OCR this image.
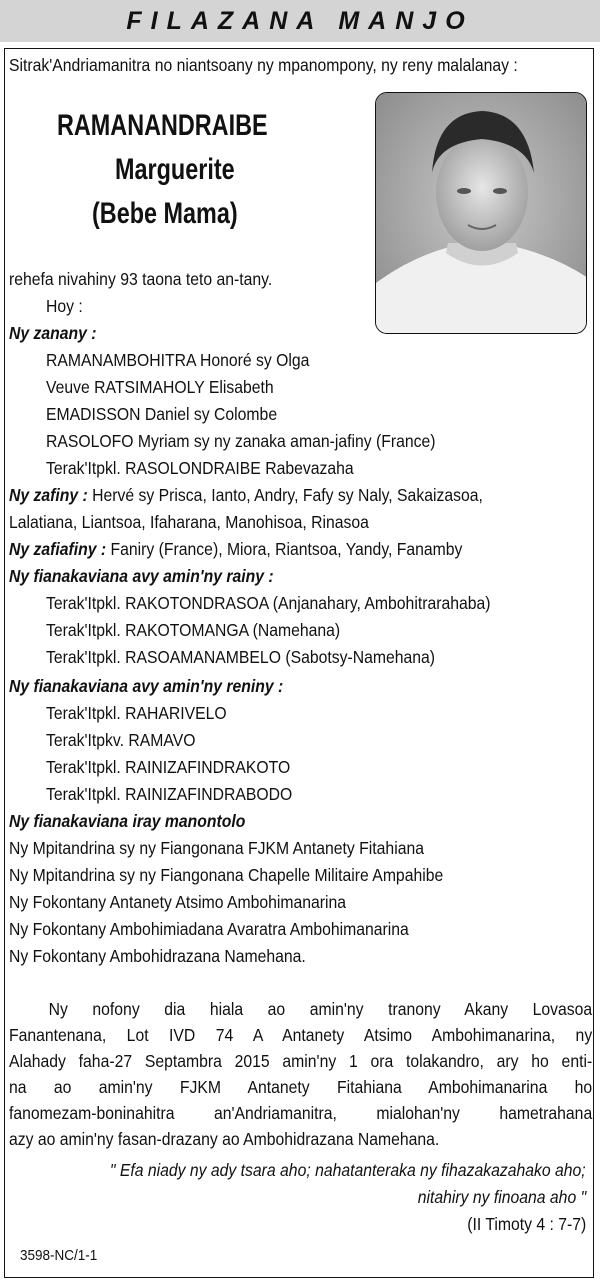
FILAZANA MANJO
Sitrak'Andriamanitra no niantsoany ny mpanompony, ny reny malalanay :
RAMANANDRAIBE
Marguerite
(Bebe Mama)
rehefa nivahiny 93 taona teto an-tany.
Hoy :
Ny zanany :
RAMANAMBOHITRA Honoré sy Olga
Veuve RATSIMAHOLY Elisabeth
EMADISSON Daniel sy Colombe
RASOLOFO Myriam sy ny zanaka aman-jafiny (France)
Terak'Itpkl. RASOLONDRAIBE Rabevazaha
Ny zafiny : Hervé sy Prisca, Ianto, Andry, Fafy sy Naly, Sakaizasoa,
Lalatiana, Liantsoa, Ifaharana, Manohisoa, Rinasoa
Ny zafiafiny : Faniry (France), Miora, Riantsoa, Yandy, Fanamby
Ny fianakaviana avy amin'ny rainy :
Terak'Itpkl. RAKOTONDRASOA (Anjanahary, Ambohitrarahaba)
Terak'Itpkl. RAKOTOMANGA (Namehana)
Terak'Itpkl. RASOAMANAMBELO (Sabotsy-Namehana)
Ny fianakaviana avy amin'ny reniny :
Terak'Itpkl. RAHARIVELO
Terak'Itpkv. RAMAVO
Terak'Itpkl. RAINIZAFINDRAKOTO
Terak'Itpkl. RAINIZAFINDRABODO
Ny fianakaviana iray manontolo
Ny Mpitandrina sy ny Fiangonana FJKM Antanety Fitahiana
Ny Mpitandrina sy ny Fiangonana Chapelle Militaire Ampahibe
Ny Fokontany Antanety Atsimo Ambohimanarina
Ny Fokontany Ambohimiadana Avaratra Ambohimanarina
Ny Fokontany Ambohidrazana Namehana.
Ny nofony dia hiala ao amin'ny tranony Akany Lovasoa
Fanantenana, Lot IVD 74 A Antanety Atsimo Ambohimanarina, ny
Alahady faha-27 Septambra 2015 amin'ny 1 ora tolakandro, ary ho enti-
na ao amin'ny FJKM Antanety Fitahiana Ambohimanarina ho
fanomezam-boninahitra an'Andriamanitra, mialohan'ny hametrahana
azy ao amin'ny fasan-drazany ao Ambohidrazana Namehana.
" Efa niady ny ady tsara aho; nahatanteraka ny fihazakazahako aho;
nitahiry ny finoana aho "
(II Timoty 4 : 7-7)
3598-NC/1-1
